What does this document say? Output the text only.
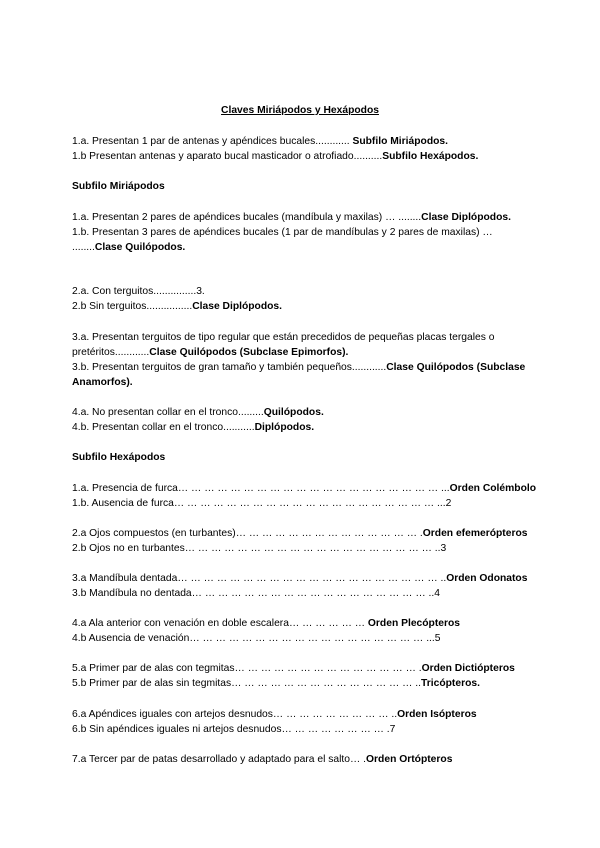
Claves Miriápodos y Hexápodos

1.a. Presentan 1 par de antenas y apéndices bucales............ Subfilo Miriápodos.

1.b Presentan antenas y aparato bucal masticador o atrofiado..........Subfilo Hexápodos.

Subfilo Miriápodos

1.a. Presentan 2 pares de apéndices bucales (mandíbula y maxilas) … ........Clase Diplópodos.

1.b. Presentan 3 pares de apéndices bucales (1 par de mandíbulas y 2 pares de maxilas) … ........Clase Quilópodos.

2.a. Con terguitos...............3.

2.b Sin terguitos................Clase Diplópodos.

3.a. Presentan terguitos de tipo regular que están precedidos de pequeñas placas tergales o pretéritos............Clase Quilópodos (Subclase Epimorfos).

3.b. Presentan terguitos de gran tamaño y también pequeños............Clase Quilópodos (Subclase Anamorfos).

4.a. No presentan collar en el tronco.........Quilópodos.

4.b. Presentan collar en el tronco...........Diplópodos.

Subfilo Hexápodos

1.a. Presencia de furca… … … … … … … … … … … … … … … … … … … … ...Orden Colémbolo

1.b. Ausencia de furca… … … … … … … … … … … … … … … … … … … … ...2

2.a Ojos compuestos (en turbantes)… … … … … … … … … … … … … … .Orden efemerópteros

2.b Ojos no en turbantes… … … … … … … … … … … … … … … … … … … ..3

3.a Mandíbula dentada… … … … … … … … … … … … … … … … … … … … ..Orden Odonatos

3.b Mandíbula no dentada… … … … … … … … … … … … … … … … … … ..4

4.a Ala anterior con venación en doble escalera… … … … … … Orden Plecópteros

4.b Ausencia de venación… … … … … … … … … … … … … … … … … … ...5

5.a Primer par de alas con tegmitas… … … … … … … … … … … … … … .Orden Dictiópteros

5.b Primer par de alas sin tegmitas… … … … … … … … … … … … … … ..Tricópteros.

6.a Apéndices iguales con artejos desnudos… … … … … … … … … ..Orden Isópteros

6.b Sin apéndices iguales ni artejos desnudos… … … … … … … … .7

7.a Tercer par de patas desarrollado y adaptado para el salto… .Orden Ortópteros
